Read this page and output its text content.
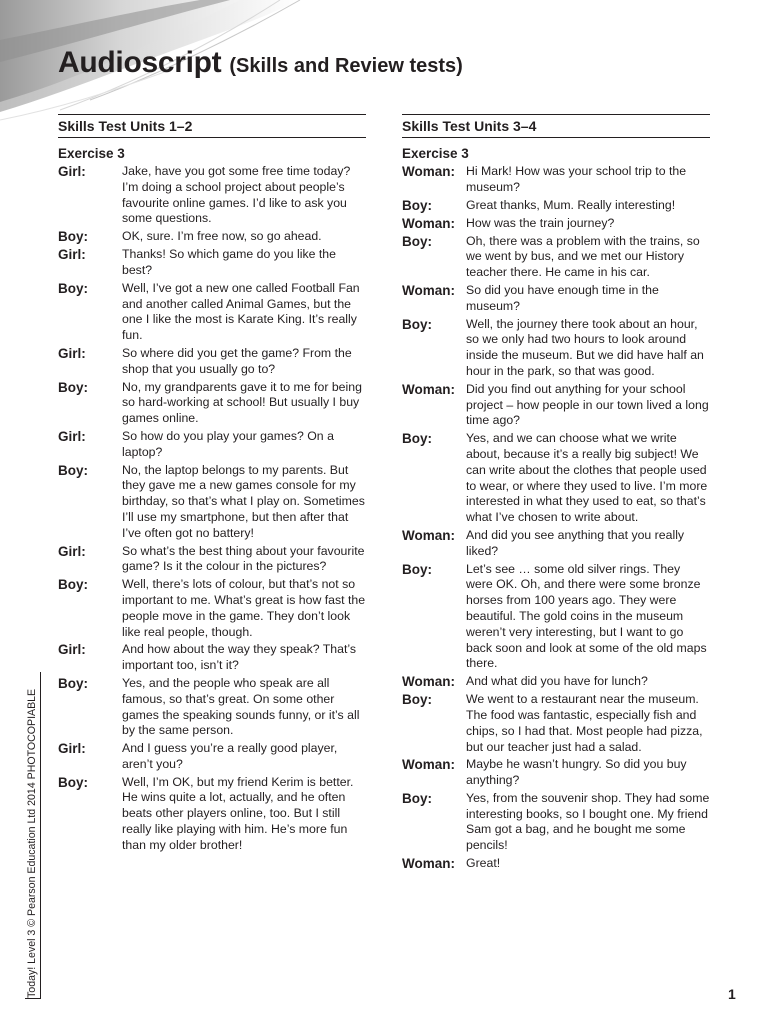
Audioscript (Skills and Review tests)
Skills Test Units 1–2
Exercise 3
Girl:	Jake, have you got some free time today? I’m doing a school project about people’s favourite online games. I’d like to ask you some questions.
Boy:	OK, sure. I’m free now, so go ahead.
Girl:	Thanks! So which game do you like the best?
Boy:	Well, I’ve got a new one called Football Fan and another called Animal Games, but the one I like the most is Karate King. It’s really fun.
Girl:	So where did you get the game? From the shop that you usually go to?
Boy:	No, my grandparents gave it to me for being so hard-working at school! But usually I buy games online.
Girl:	So how do you play your games? On a laptop?
Boy:	No, the laptop belongs to my parents. But they gave me a new games console for my birthday, so that’s what I play on. Sometimes I’ll use my smartphone, but then after that I’ve often got no battery!
Girl:	So what’s the best thing about your favourite game? Is it the colour in the pictures?
Boy:	Well, there’s lots of colour, but that’s not so important to me. What’s great is how fast the people move in the game. They don’t look like real people, though.
Girl:	And how about the way they speak? That’s important too, isn’t it?
Boy:	Yes, and the people who speak are all famous, so that’s great. On some other games the speaking sounds funny, or it’s all by the same person.
Girl:	And I guess you’re a really good player, aren’t you?
Boy:	Well, I’m OK, but my friend Kerim is better. He wins quite a lot, actually, and he often beats other players online, too. But I still really like playing with him. He’s more fun than my older brother!
Skills Test Units 3–4
Exercise 3
Woman: Hi Mark! How was your school trip to the museum?
Boy:	Great thanks, Mum. Really interesting!
Woman: How was the train journey?
Boy:	Oh, there was a problem with the trains, so we went by bus, and we met our History teacher there. He came in his car.
Woman: So did you have enough time in the museum?
Boy:	Well, the journey there took about an hour, so we only had two hours to look around inside the museum. But we did have half an hour in the park, so that was good.
Woman: Did you find out anything for your school project – how people in our town lived a long time ago?
Boy:	Yes, and we can choose what we write about, because it’s a really big subject! We can write about the clothes that people used to wear, or where they used to live. I’m more interested in what they used to eat, so that’s what I’ve chosen to write about.
Woman: And did you see anything that you really liked?
Boy:	Let’s see … some old silver rings. They were OK. Oh, and there were some bronze horses from 100 years ago. They were beautiful. The gold coins in the museum weren’t very interesting, but I want to go back soon and look at some of the old maps there.
Woman: And what did you have for lunch?
Boy:	We went to a restaurant near the museum. The food was fantastic, especially fish and chips, so I had that. Most people had pizza, but our teacher just had a salad.
Woman: Maybe he wasn’t hungry. So did you buy anything?
Boy:	Yes, from the souvenir shop. They had some interesting books, so I bought one. My friend Sam got a bag, and he bought me some pencils!
Woman: Great!
Today! Level 3 © Pearson Education Ltd 2014 PHOTOCOPIABLE	1
